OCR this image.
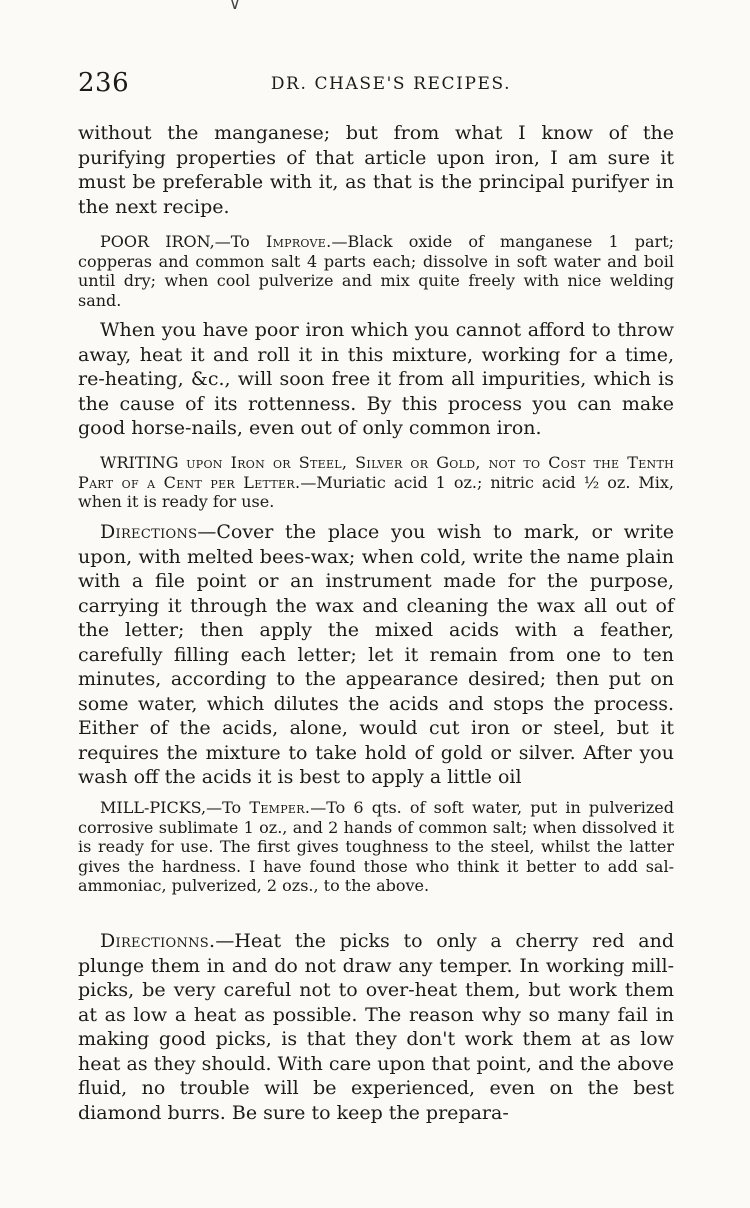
∨
236	DR. CHASE'S RECIPES.

without the manganese; but from what I know of the purifying properties of that article upon iron, I am sure it must be preferable with it, as that is the principal purifyer in the next recipe.

POOR IRON,—To Improve.—Black oxide of manganese 1 part; copperas and common salt 4 parts each; dissolve in soft water and boil until dry; when cool pulverize and mix quite freely with nice welding sand.

When you have poor iron which you cannot afford to throw away, heat it and roll it in this mixture, working for a time, re-heating, &c., will soon free it from all impurities, which is the cause of its rottenness. By this process you can make good horse-nails, even out of only common iron.

WRITING upon Iron or Steel, Silver or Gold, not to Cost the Tenth Part of a Cent per Letter.—Muriatic acid 1 oz.; nitric acid ½ oz. Mix, when it is ready for use.

Directions—Cover the place you wish to mark, or write upon, with melted bees-wax; when cold, write the name plain with a file point or an instrument made for the purpose, carrying it through the wax and cleaning the wax all out of the letter; then apply the mixed acids with a feather, carefully filling each letter; let it remain from one to ten minutes, according to the appearance desired; then put on some water, which dilutes the acids and stops the process. Either of the acids, alone, would cut iron or steel, but it requires the mixture to take hold of gold or silver. After you wash off the acids it is best to apply a little oil

MILL-PICKS,—To Temper.—To 6 qts. of soft water, put in pulverized corrosive sublimate 1 oz., and 2 hands of common salt; when dissolved it is ready for use. The first gives toughness to the steel, whilst the latter gives the hardness. I have found those who think it better to add sal-ammoniac, pulverized, 2 ozs., to the above.

Directionns.—Heat the picks to only a cherry red and plunge them in and do not draw any temper. In working mill-picks, be very careful not to over-heat them, but work them at as low a heat as possible. The reason why so many fail in making good picks, is that they don't work them at as low heat as they should. With care upon that point, and the above fluid, no trouble will be experienced, even on the best diamond burrs. Be sure to keep the prepara-
